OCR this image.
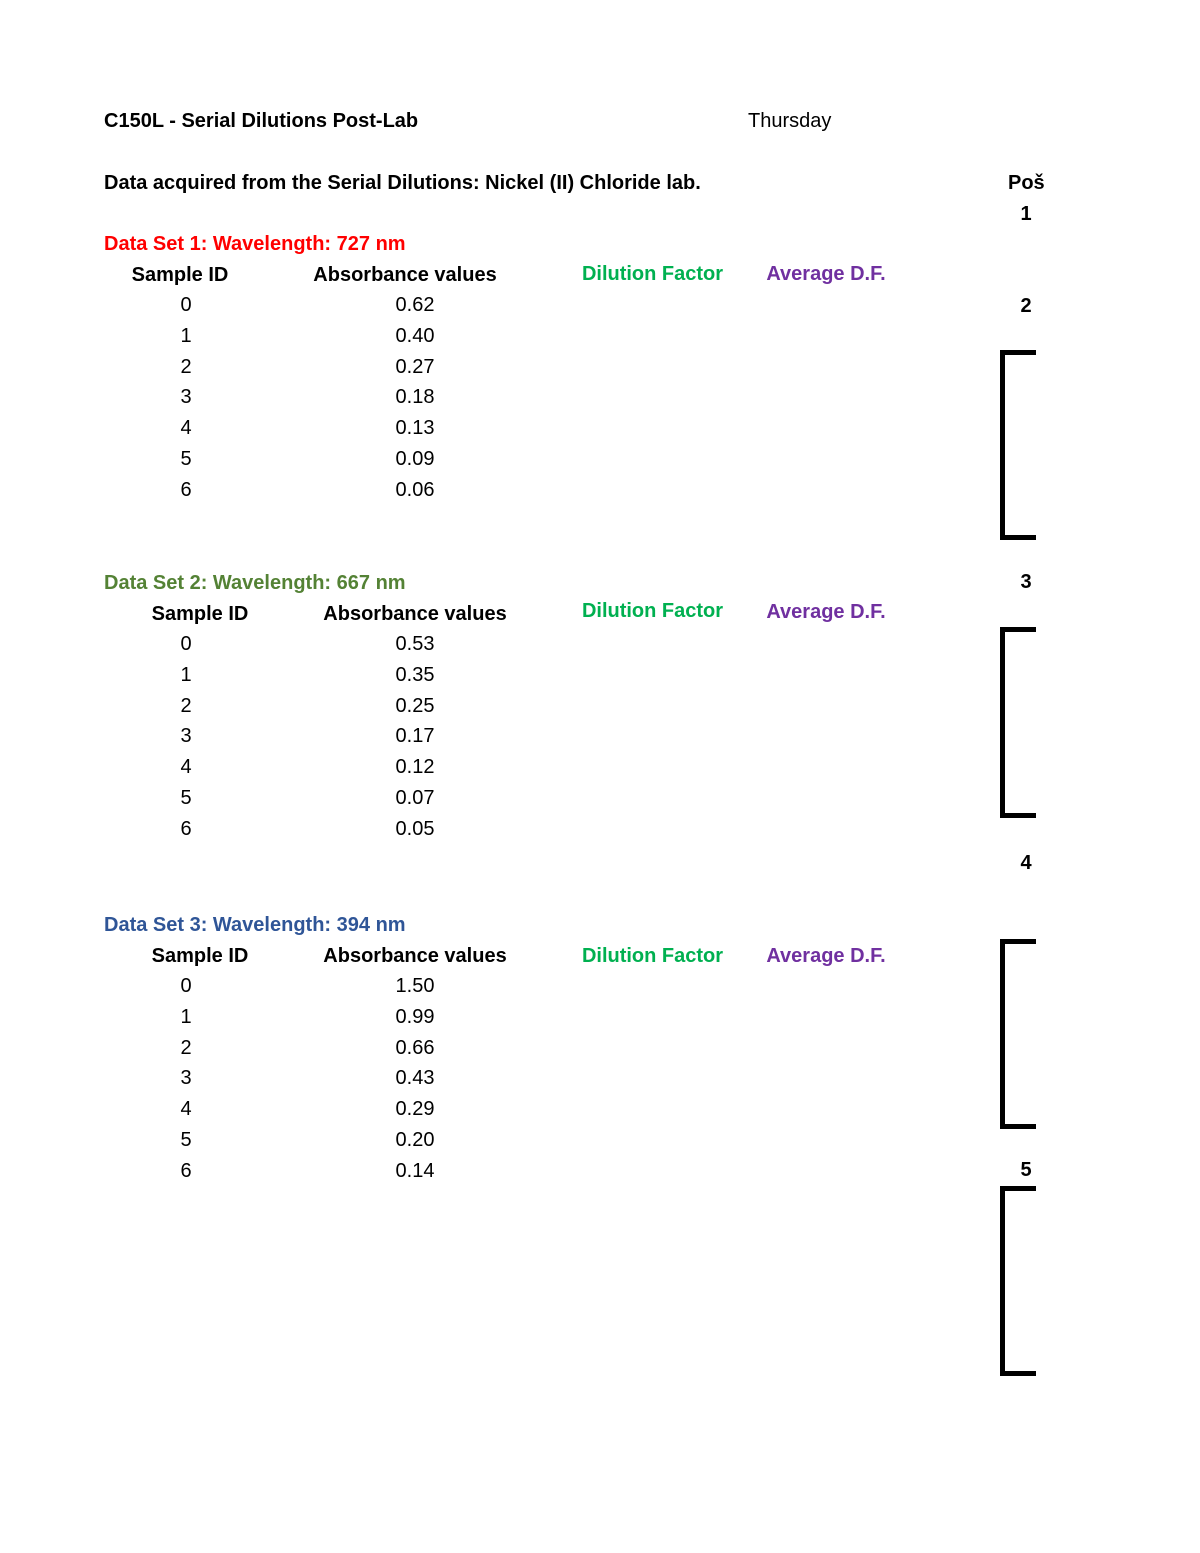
C150L - Serial Dilutions Post-Lab	Thursday
Data acquired from the Serial Dilutions: Nickel (II) Chloride lab.	Poš
Data Set 1: Wavelength: 727 nm
Sample ID	Absorbance values	Dilution Factor	Average D.F.
0	0.62
1	0.40
2	0.27
3	0.18
4	0.13
5	0.09
6	0.06
Data Set 2: Wavelength: 667 nm
Sample ID	Absorbance values	Dilution Factor	Average D.F.
0	0.53
1	0.35
2	0.25
3	0.17
4	0.12
5	0.07
6	0.05
Data Set 3: Wavelength: 394 nm
Sample ID	Absorbance values	Dilution Factor	Average D.F.
0	1.50
1	0.99
2	0.66
3	0.43
4	0.29
5	0.20
6	0.14
1
2
3
4
5
